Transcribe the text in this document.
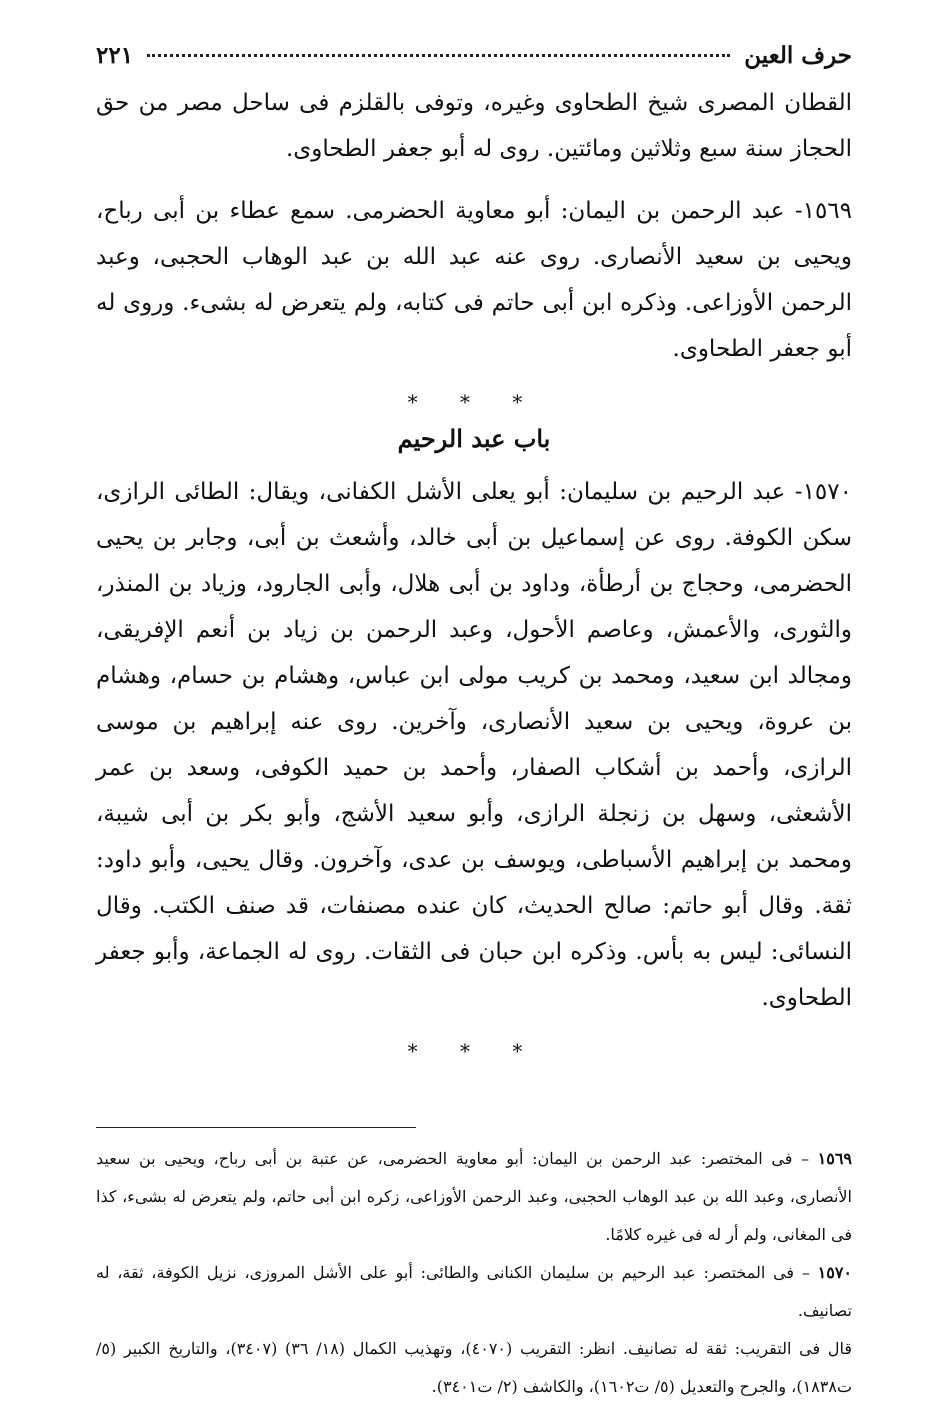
حرف العين
٢٢١

القطان المصرى شيخ الطحاوى وغيره، وتوفى بالقلزم فى ساحل مصر من حق الحجاز سنة سبع وثلاثين ومائتين. روى له أبو جعفر الطحاوى.

١٥٦٩- عبد الرحمن بن اليمان: أبو معاوية الحضرمى. سمع عطاء بن أبى رباح، ويحيى بن سعيد الأنصارى. روى عنه عبد الله بن عبد الوهاب الحجبى، وعبد الرحمن الأوزاعى. وذكره ابن أبى حاتم فى كتابه، ولم يتعرض له بشىء. وروى له أبو جعفر الطحاوى.

* * *
باب عبد الرحيم

١٥٧٠- عبد الرحيم بن سليمان: أبو يعلى الأشل الكفانى، ويقال: الطائى الرازى، سكن الكوفة. روى عن إسماعيل بن أبى خالد، وأشعث بن أبى، وجابر بن يحيى الحضرمى، وحجاج بن أرطأة، وداود بن أبى هلال، وأبى الجارود، وزياد بن المنذر، والثورى، والأعمش، وعاصم الأحول، وعبد الرحمن بن زياد بن أنعم الإفريقى، ومجالد ابن سعيد، ومحمد بن كريب مولى ابن عباس، وهشام بن حسام، وهشام بن عروة، ويحيى بن سعيد الأنصارى، وآخرين. روى عنه إبراهيم بن موسى الرازى، وأحمد بن أشكاب الصفار، وأحمد بن حميد الكوفى، وسعد بن عمر الأشعثى، وسهل بن زنجلة الرازى، وأبو سعيد الأشج، وأبو بكر بن أبى شيبة، ومحمد بن إبراهيم الأسباطى، ويوسف بن عدى، وآخرون. وقال يحيى، وأبو داود: ثقة. وقال أبو حاتم: صالح الحديث، كان عنده مصنفات، قد صنف الكتب. وقال النسائى: ليس به بأس. وذكره ابن حبان فى الثقات. روى له الجماعة، وأبو جعفر الطحاوى.

* * *

١٥٦٩ – فى المختصر: عبد الرحمن بن اليمان: أبو معاوية الحضرمى، عن عتبة بن أبى رباح، ويحيى بن سعيد الأنصارى، وعبد الله بن عبد الوهاب الحجبى، وعبد الرحمن الأوزاعى، زكره ابن أبى حاتم، ولم يتعرض له بشىء، كذا فى المغانى، ولم أر له فى غيره كلامًا.

١٥٧٠ – فى المختصر: عبد الرحيم بن سليمان الكنانى والطائى: أبو على الأشل المروزى، نزيل الكوفة، ثقة، له تصانيف.

قال فى التقريب: ثقة له تصانيف. انظر: التقريب (٤٠٧٠)، وتهذيب الكمال (١٨/ ٣٦) (٣٤٠٧)، والتاريخ الكبير (٥/ ت١٨٣٨)، والجرح والتعديل (٥/ ت١٦٠٢)، والكاشف (٢/ ت٣٤٠١).
